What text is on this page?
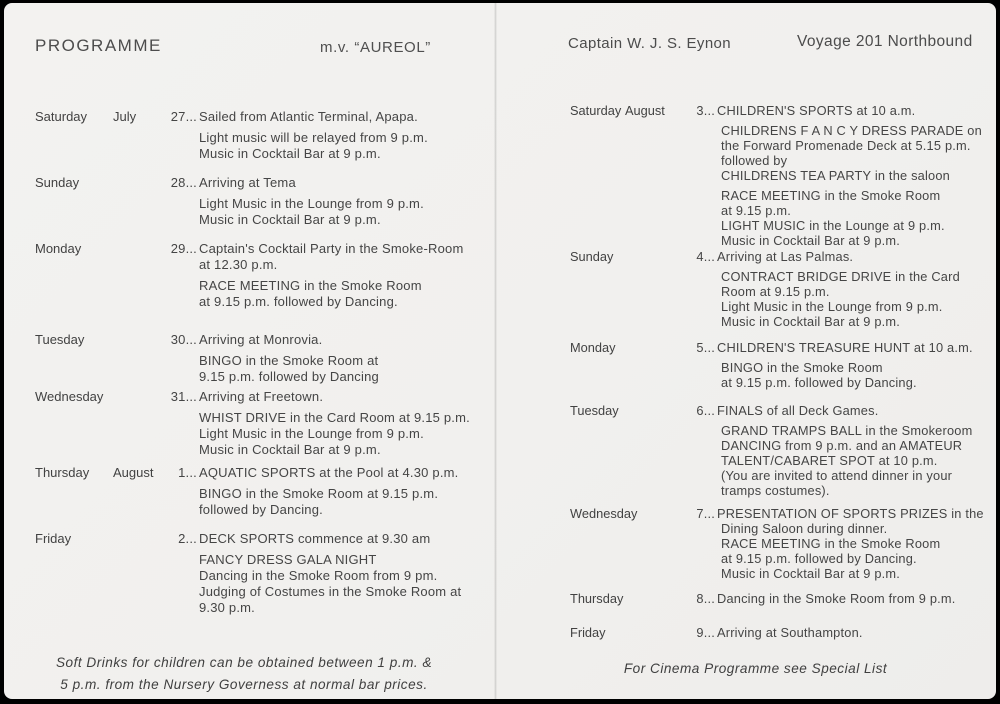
PROGRAMME	m.v. “AUREOL”
Saturday	July	27... Sailed from Atlantic Terminal, Apapa.
Light music will be relayed from 9 p.m.
Music in Cocktail Bar at 9 p.m.
Sunday	28... Arriving at Tema
Light Music in the Lounge from 9 p.m.
Music in Cocktail Bar at 9 p.m.
Monday	29... Captain's Cocktail Party in the Smoke-Room
at 12.30 p.m.
RACE MEETING in the Smoke Room
at 9.15 p.m. followed by Dancing.
Tuesday	30... Arriving at Monrovia.
BINGO in the Smoke Room at
9.15 p.m. followed by Dancing
Wednesday	31... Arriving at Freetown.
WHIST DRIVE in the Card Room at 9.15 p.m.
Light Music in the Lounge from 9 p.m.
Music in Cocktail Bar at 9 p.m.
Thursday	August	1... AQUATIC SPORTS at the Pool at 4.30 p.m.
BINGO in the Smoke Room at 9.15 p.m.
followed by Dancing.
Friday	2... DECK SPORTS commence at 9.30 am
FANCY DRESS GALA NIGHT
Dancing in the Smoke Room from 9 pm.
Judging of Costumes in the Smoke Room at
9.30 p.m.
Soft Drinks for children can be obtained between 1 p.m. &
5 p.m. from the Nursery Governess at normal bar prices.
Captain W. J. S. Eynon	Voyage 201 Northbound
Saturday August	3... CHILDREN'S SPORTS at 10 a.m.
CHILDRENS F A N C Y DRESS PARADE on
the Forward Promenade Deck at 5.15 p.m.
followed by
CHILDRENS TEA PARTY in the saloon
RACE MEETING in the Smoke Room
at 9.15 p.m.
LIGHT MUSIC in the Lounge at 9 p.m.
Music in Cocktail Bar at 9 p.m.
Sunday	4... Arriving at Las Palmas.
CONTRACT BRIDGE DRIVE in the Card
Room at 9.15 p.m.
Light Music in the Lounge from 9 p.m.
Music in Cocktail Bar at 9 p.m.
Monday	5... CHILDREN'S TREASURE HUNT at 10 a.m.
BINGO in the Smoke Room
at 9.15 p.m. followed by Dancing.
Tuesday	6... FINALS of all Deck Games.
GRAND TRAMPS BALL in the Smokeroom
DANCING from 9 p.m. and an AMATEUR
TALENT/CABARET SPOT at 10 p.m.
(You are invited to attend dinner in your
tramps costumes).
Wednesday	7... PRESENTATION OF SPORTS PRIZES in the
Dining Saloon during dinner.
RACE MEETING in the Smoke Room
at 9.15 p.m. followed by Dancing.
Music in Cocktail Bar at 9 p.m.
Thursday	8... Dancing in the Smoke Room from 9 p.m.
Friday	9... Arriving at Southampton.
For Cinema Programme see Special List
